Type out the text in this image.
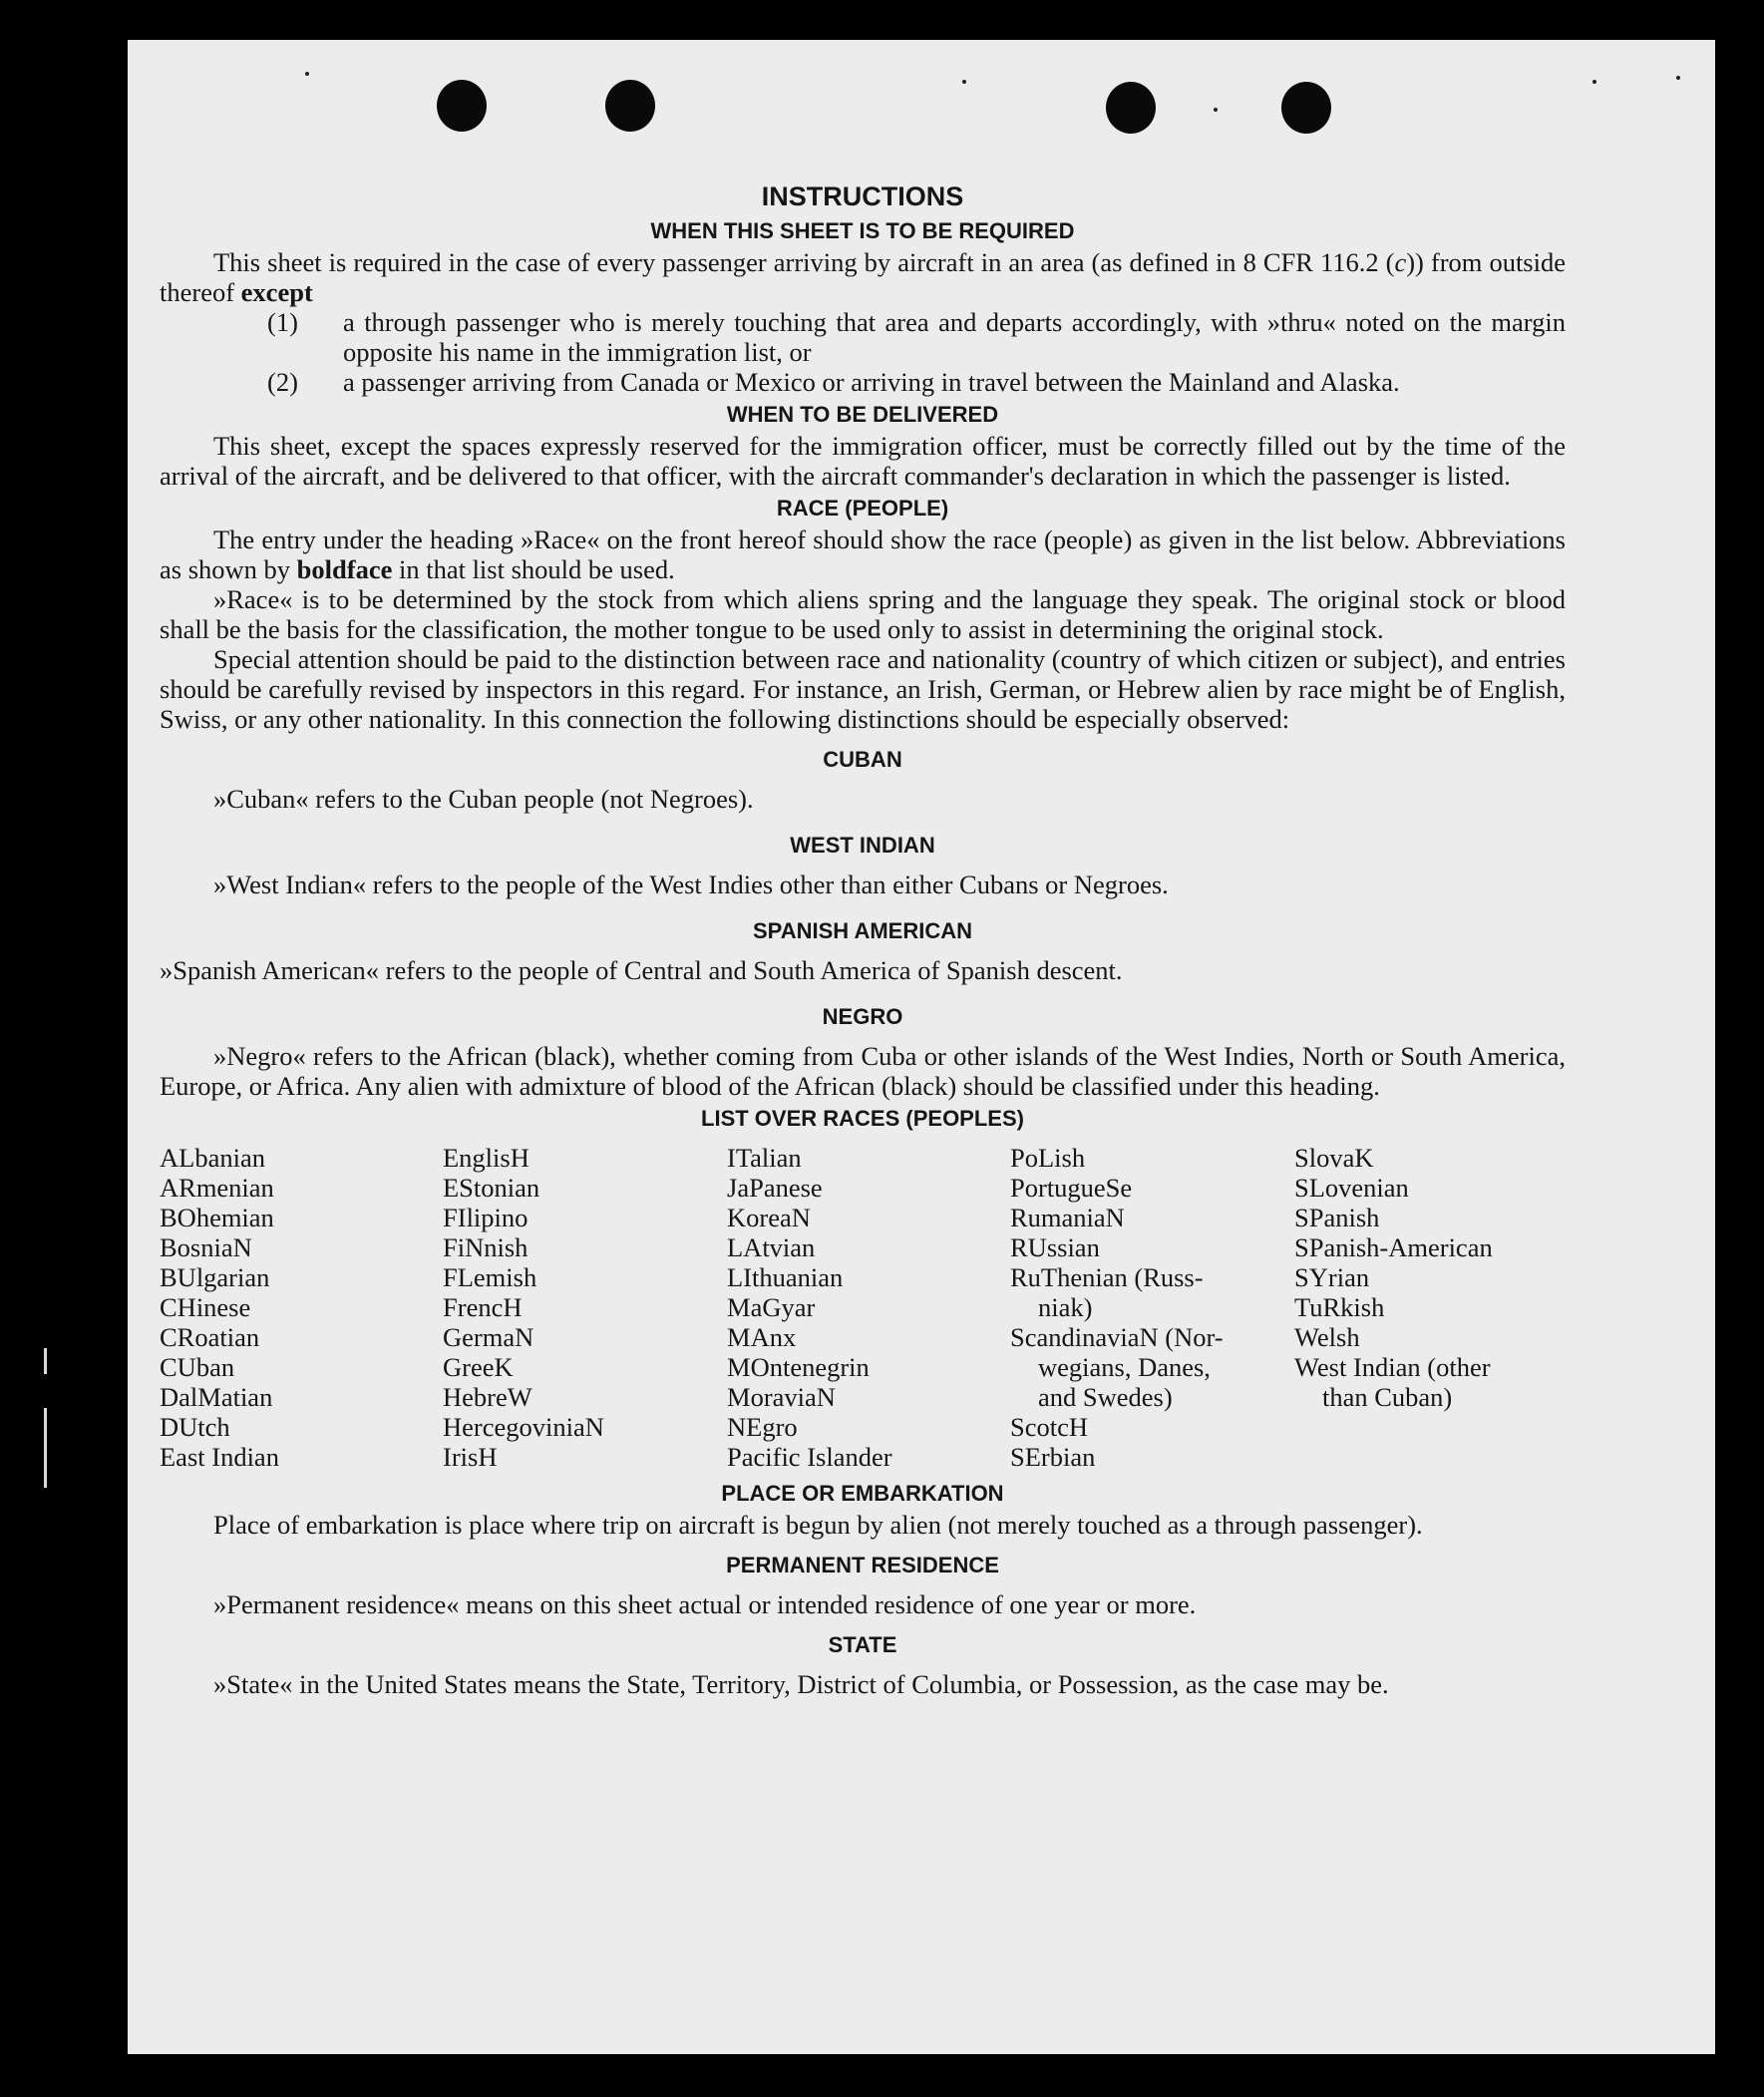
INSTRUCTIONS
WHEN THIS SHEET IS TO BE REQUIRED

This sheet is required in the case of every passenger arriving by aircraft in an area (as defined in 8 CFR 116.2 (c)) from outside thereof except

(1)	a through passenger who is merely touching that area and departs accordingly, with »thru« noted on the margin opposite his name in the immigration list, or
(2)	a passenger arriving from Canada or Mexico or arriving in travel between the Mainland and Alaska.
WHEN TO BE DELIVERED

This sheet, except the spaces expressly reserved for the immigration officer, must be correctly filled out by the time of the arrival of the aircraft, and be delivered to that officer, with the aircraft commander's declaration in which the passenger is listed.

RACE (PEOPLE)

The entry under the heading »Race« on the front hereof should show the race (people) as given in the list below. Abbreviations as shown by boldface in that list should be used.

»Race« is to be determined by the stock from which aliens spring and the language they speak. The original stock or blood shall be the basis for the classification, the mother tongue to be used only to assist in determining the original stock.

Special attention should be paid to the distinction between race and nationality (country of which citizen or subject), and entries should be carefully revised by inspectors in this regard. For instance, an Irish, German, or Hebrew alien by race might be of English, Swiss, or any other nationality. In this connection the following distinctions should be especially observed:

CUBAN

»Cuban« refers to the Cuban people (not Negroes).

WEST INDIAN

»West Indian« refers to the people of the West Indies other than either Cubans or Negroes.

SPANISH AMERICAN

»Spanish American« refers to the people of Central and South America of Spanish descent.

NEGRO

»Negro« refers to the African (black), whether coming from Cuba or other islands of the West Indies, North or South America, Europe, or Africa. Any alien with admixture of blood of the African (black) should be classified under this heading.

LIST OVER RACES (PEOPLES)
ALbanian
ARmenian
BOhemian
BosniaN
BUlgarian
CHinese
CRoatian
CUban
DalMatian
DUtch
East Indian
EnglisH
EStonian
FIlipino
FiNnish
FLemish
FrencH
GermaN
GreeK
HebreW
HercegoviniaN
IrisH
ITalian
JaPanese
KoreaN
LAtvian
LIthuanian
MaGyar
MAnx
MOntenegrin
MoraviaN
NEgro
Pacific Islander
PoLish
PortugueSe
RumaniaN
RUssian
RuThenian (Russ-
niak)
ScandinaviaN (Nor-
wegians, Danes,
and Swedes)
ScotcH
SErbian
SlovaK
SLovenian
SPanish
SPanish-American
SYrian
TuRkish
Welsh
West Indian (other
than Cuban)
PLACE OR EMBARKATION

Place of embarkation is place where trip on aircraft is begun by alien (not merely touched as a through passenger).

PERMANENT RESIDENCE

»Permanent residence« means on this sheet actual or intended residence of one year or more.

STATE

»State« in the United States means the State, Territory, District of Columbia, or Possession, as the case may be.
